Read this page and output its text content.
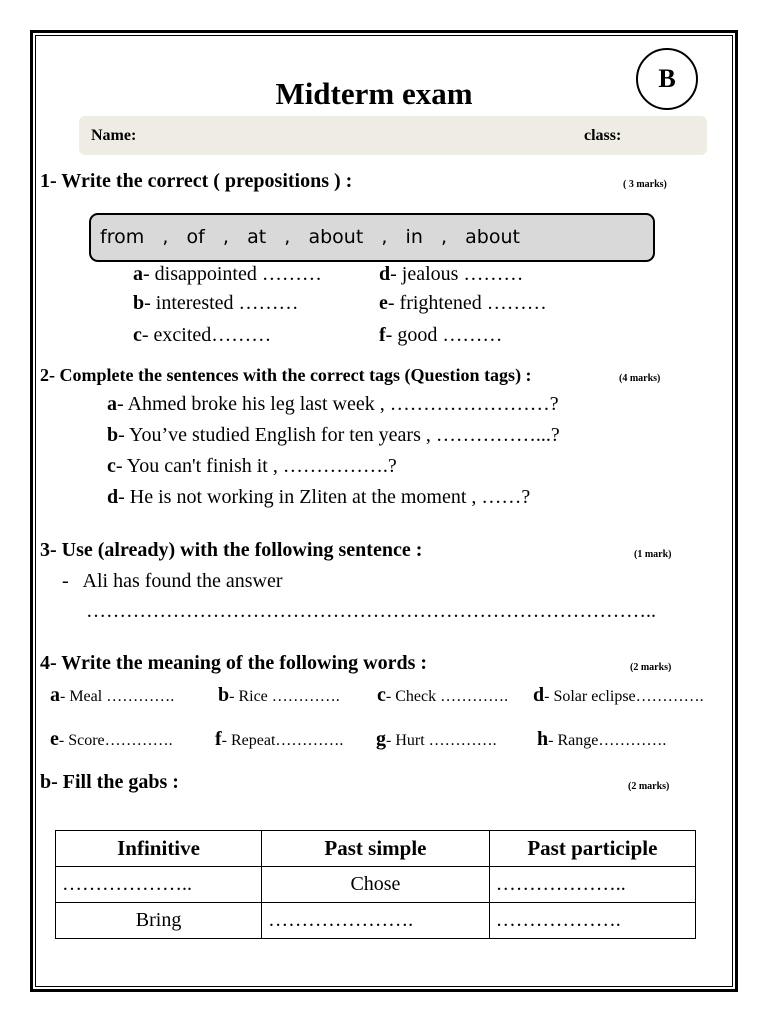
Midterm exam	B
Name:	class:
1- Write the correct ( prepositions ) :	( 3 marks)
from   ,   of   ,   at   ,   about   ,   in   ,   about
a- disappointed ………	d- jealous ………
b- interested ………	e- frightened ………
c- excited………	f- good ………
2- Complete the sentences with the correct tags (Question tags) :	(4 marks)
a- Ahmed broke his leg last week , ……………………?
b- You’ve studied English for ten years , ……………...?
c- You can't finish it , …………….?
d- He is not working in Zliten at the moment , ……?
3- Use (already) with the following sentence :	(1 mark)
-   Ali has found the answer
…………………………………………………………………………..
4- Write the meaning of the following words :	(2 marks)
a- Meal …………. b- Rice …………. c- Check …………. d- Solar eclipse………….
e- Score…………. f- Repeat…………. g- Hurt …………. h- Range………….
b- Fill the gabs :	(2 marks)
Infinitive	Past simple	Past participle
………………..	Chose	………………..
Bring	………………….	……………….
